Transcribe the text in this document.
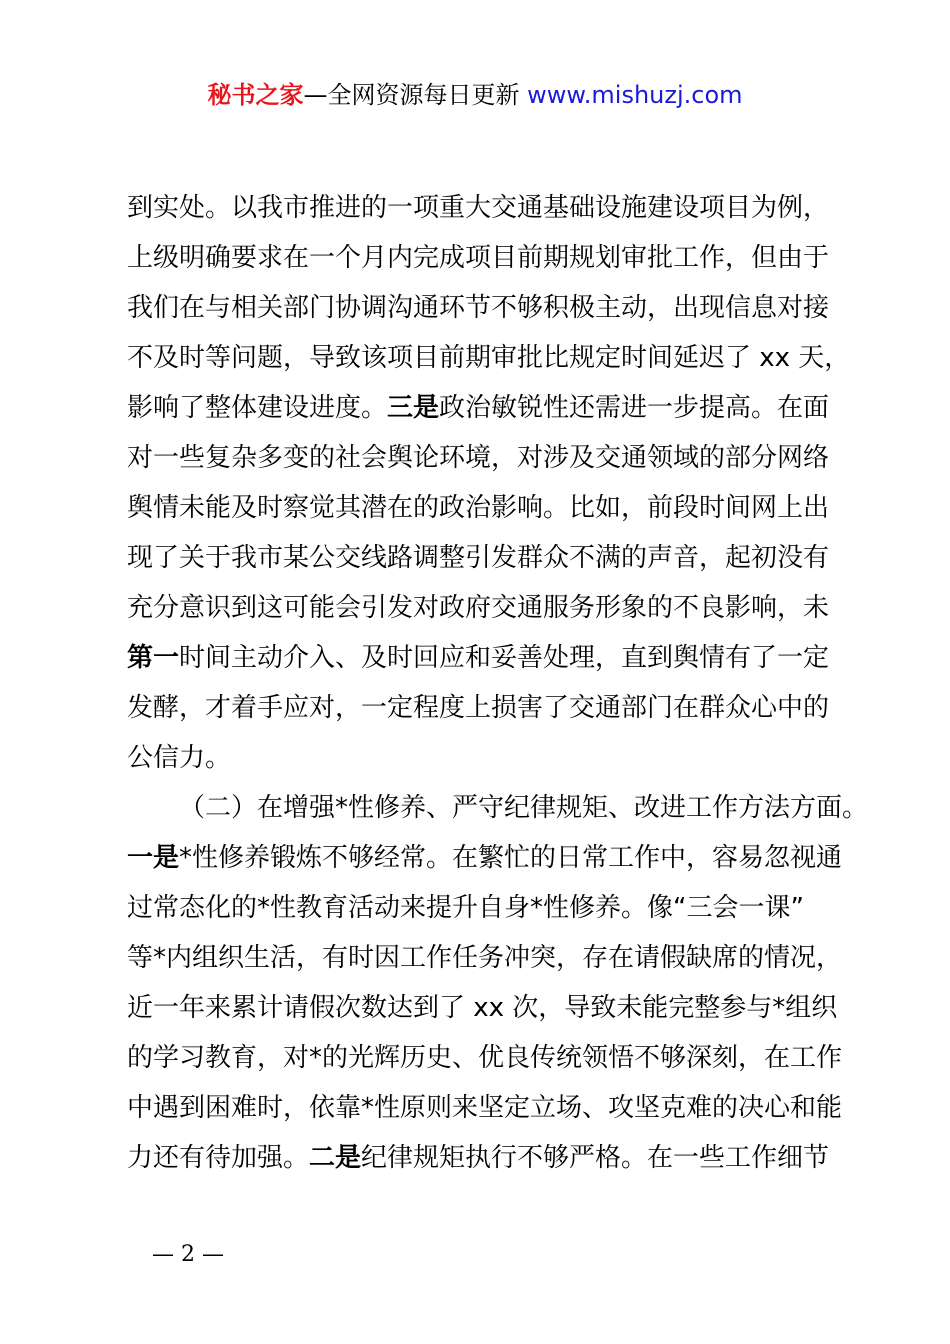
秘书之家—全网资源每日更新 www.mishuzj.com
到实处。以我市推进的一项重大交通基础设施建设项目为例，
上级明确要求在一个月内完成项目前期规划审批工作，但由于
我们在与相关部门协调沟通环节不够积极主动，出现信息对接
不及时等问题，导致该项目前期审批比规定时间延迟了 xx 天，
影响了整体建设进度。三是政治敏锐性还需进一步提高。在面
对一些复杂多变的社会舆论环境，对涉及交通领域的部分网络
舆情未能及时察觉其潜在的政治影响。比如，前段时间网上出
现了关于我市某公交线路调整引发群众不满的声音，起初没有
充分意识到这可能会引发对政府交通服务形象的不良影响，未
第一时间主动介入、及时回应和妥善处理，直到舆情有了一定
发酵，才着手应对，一定程度上损害了交通部门在群众心中的
公信力。
（二）在增强*性修养、严守纪律规矩、改进工作方法方面。
一是*性修养锻炼不够经常。在繁忙的日常工作中，容易忽视通
过常态化的*性教育活动来提升自身*性修养。像“三会一课”
等*内组织生活，有时因工作任务冲突，存在请假缺席的情况，
近一年来累计请假次数达到了 xx 次，导致未能完整参与*组织
的学习教育，对*的光辉历史、优良传统领悟不够深刻，在工作
中遇到困难时，依靠*性原则来坚定立场、攻坚克难的决心和能
力还有待加强。二是纪律规矩执行不够严格。在一些工作细节
— 2 —
